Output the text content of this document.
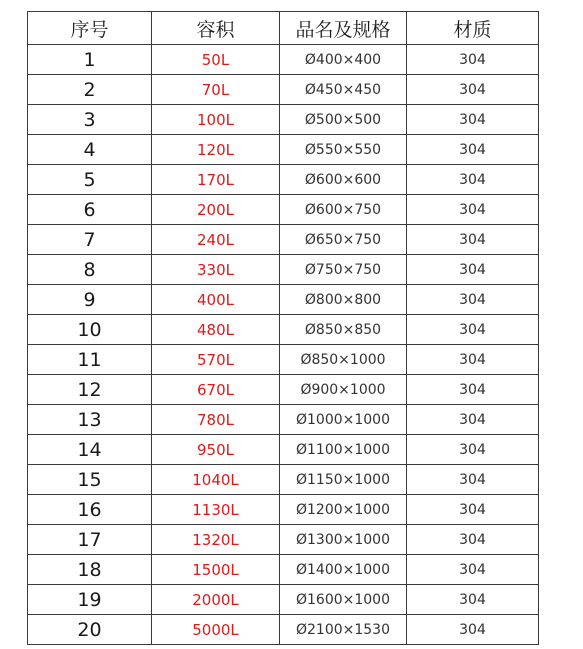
序号	容积	品名及规格	材质
1	50L	Ø400×400	304
2	70L	Ø450×450	304
3	100L	Ø500×500	304
4	120L	Ø550×550	304
5	170L	Ø600×600	304
6	200L	Ø600×750	304
7	240L	Ø650×750	304
8	330L	Ø750×750	304
9	400L	Ø800×800	304
10	480L	Ø850×850	304
11	570L	Ø850×1000	304
12	670L	Ø900×1000	304
13	780L	Ø1000×1000	304
14	950L	Ø1100×1000	304
15	1040L	Ø1150×1000	304
16	1130L	Ø1200×1000	304
17	1320L	Ø1300×1000	304
18	1500L	Ø1400×1000	304
19	2000L	Ø1600×1000	304
20	5000L	Ø2100×1530	304
